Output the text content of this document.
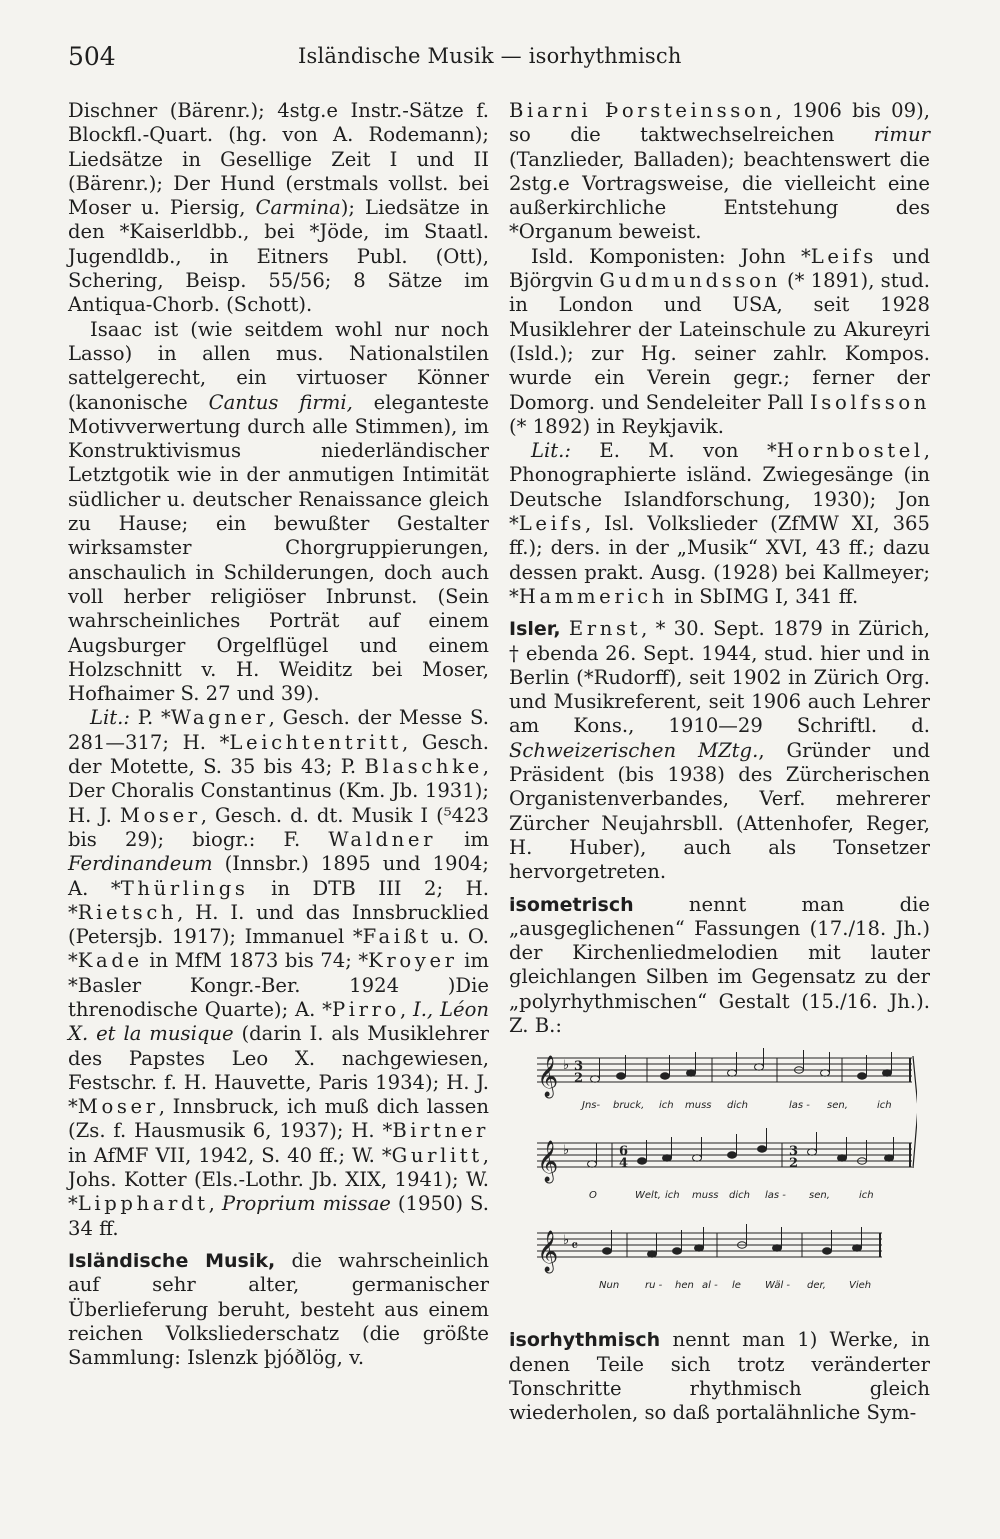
504	Isländische Musik — isorhythmisch

Dischner (Bärenr.); 4stg.e Instr.-Sätze f. Blockfl.-Quart. (hg. von A. Rodemann); Liedsätze in Gesellige Zeit I und II (Bärenr.); Der Hund (erstmals vollst. bei Moser u. Piersig, Carmina); Liedsätze in den *Kaiserldbb., bei *Jöde, im Staatl. Jugendldb., in Eitners Publ. (Ott), Schering, Beisp. 55/56; 8 Sätze im Antiqua-Chorb. (Schott).

Isaac ist (wie seitdem wohl nur noch Lasso) in allen mus. Nationalstilen sattelgerecht, ein virtuoser Könner (kanonische Cantus firmi, eleganteste Motivverwertung durch alle Stimmen), im Konstruktivismus niederländischer Letztgotik wie in der anmutigen Intimität südlicher u. deutscher Renaissance gleich zu Hause; ein bewußter Gestalter wirksamster Chorgruppierungen, anschaulich in Schilderungen, doch auch voll herber religiöser Inbrunst. (Sein wahrscheinliches Porträt auf einem Augsburger Orgelflügel und einem Holzschnitt v. H. Weiditz bei Moser, Hofhaimer S. 27 und 39).

Lit.: P. *Wagner, Gesch. der Messe S. 281—317; H. *Leichtentritt, Gesch. der Motette, S. 35 bis 43; P. Blaschke, Der Choralis Constantinus (Km. Jb. 1931); H. J. Moser, Gesch. d. dt. Musik I (⁵423 bis 29); biogr.: F. Waldner im Ferdinandeum (Innsbr.) 1895 und 1904; A. *Thürlings in DTB III 2; H. *Rietsch, H. I. und das Innsbrucklied (Petersjb. 1917); Immanuel *Faißt u. O. *Kade in MfM 1873 bis 74; *Kroyer im *Basler Kongr.-Ber. 1924 )Die threnodische Quarte); A. *Pirro, I., Léon X. et la musique (darin I. als Musiklehrer des Papstes Leo X. nachgewiesen, Festschr. f. H. Hauvette, Paris 1934); H. J. *Moser, Innsbruck, ich muß dich lassen (Zs. f. Hausmusik 6, 1937); H. *Birtner in AfMF VII, 1942, S. 40 ff.; W. *Gurlitt, Johs. Kotter (Els.-Lothr. Jb. XIX, 1941); W. *Lipphardt, Proprium missae (1950) S. 34 ff.

Isländische Musik, die wahrscheinlich auf sehr alter, germanischer Überlieferung beruht, besteht aus einem reichen Volksliederschatz (die größte Sammlung: Islenzk þjóðlög, v.

Biarni Þorsteinsson, 1906 bis 09), so die taktwechselreichen rimur (Tanzlieder, Balladen); beachtenswert die 2stg.e Vortragsweise, die vielleicht eine außerkirchliche Entstehung des *Organum beweist.

Isld. Komponisten: John *Leifs und Björgvin Gudmundsson (* 1891), stud. in London und USA, seit 1928 Musiklehrer der Lateinschule zu Akureyri (Isld.); zur Hg. seiner zahlr. Kompos. wurde ein Verein gegr.; ferner der Domorg. und Sendeleiter Pall Isolfsson (* 1892) in Reykjavik.

Lit.: E. M. von *Hornbostel, Phonographierte isländ. Zwiegesänge (in Deutsche Islandforschung, 1930); Jon *Leifs, Isl. Volkslieder (ZfMW XI, 365 ff.); ders. in der „Musik“ XVI, 43 ff.; dazu dessen prakt. Ausg. (1928) bei Kallmeyer; *Hammerich in SbIMG I, 341 ff.

Isler, Ernst, * 30. Sept. 1879 in Zürich, † ebenda 26. Sept. 1944, stud. hier und in Berlin (*Rudorff), seit 1902 in Zürich Org. und Musikreferent, seit 1906 auch Lehrer am Kons., 1910—29 Schriftl. d. Schweizerischen MZtg., Gründer und Präsident (bis 1938) des Zürcherischen Organistenverbandes, Verf. mehrerer Zürcher Neujahrsbll. (Attenhofer, Reger, H. Huber), auch als Tonsetzer hervorgetreten.

isometrisch nennt man die „ausgeglichenen“ Fassungen (17./18. Jh.) der Kirchenliedmelodien mit lauter gleichlangen Silben im Gegensatz zu der „polyrhythmischen“ Gestalt (15./16. Jh.). Z. B.:

𝄞
𝄞
𝄞
♭
♭
♭ 𝄴
3
2
6
4
3
2
Jns- bruck, ich muss dich	las - sen,	ich
O	Welt, ich muss dich las - sen,	ich
Nun	ru - hen al - le Wäl - der, Vieh

isorhythmisch nennt man 1) Werke, in denen Teile sich trotz veränderter Tonschritte rhythmisch gleich wiederholen, so daß portalähnliche Sym-
